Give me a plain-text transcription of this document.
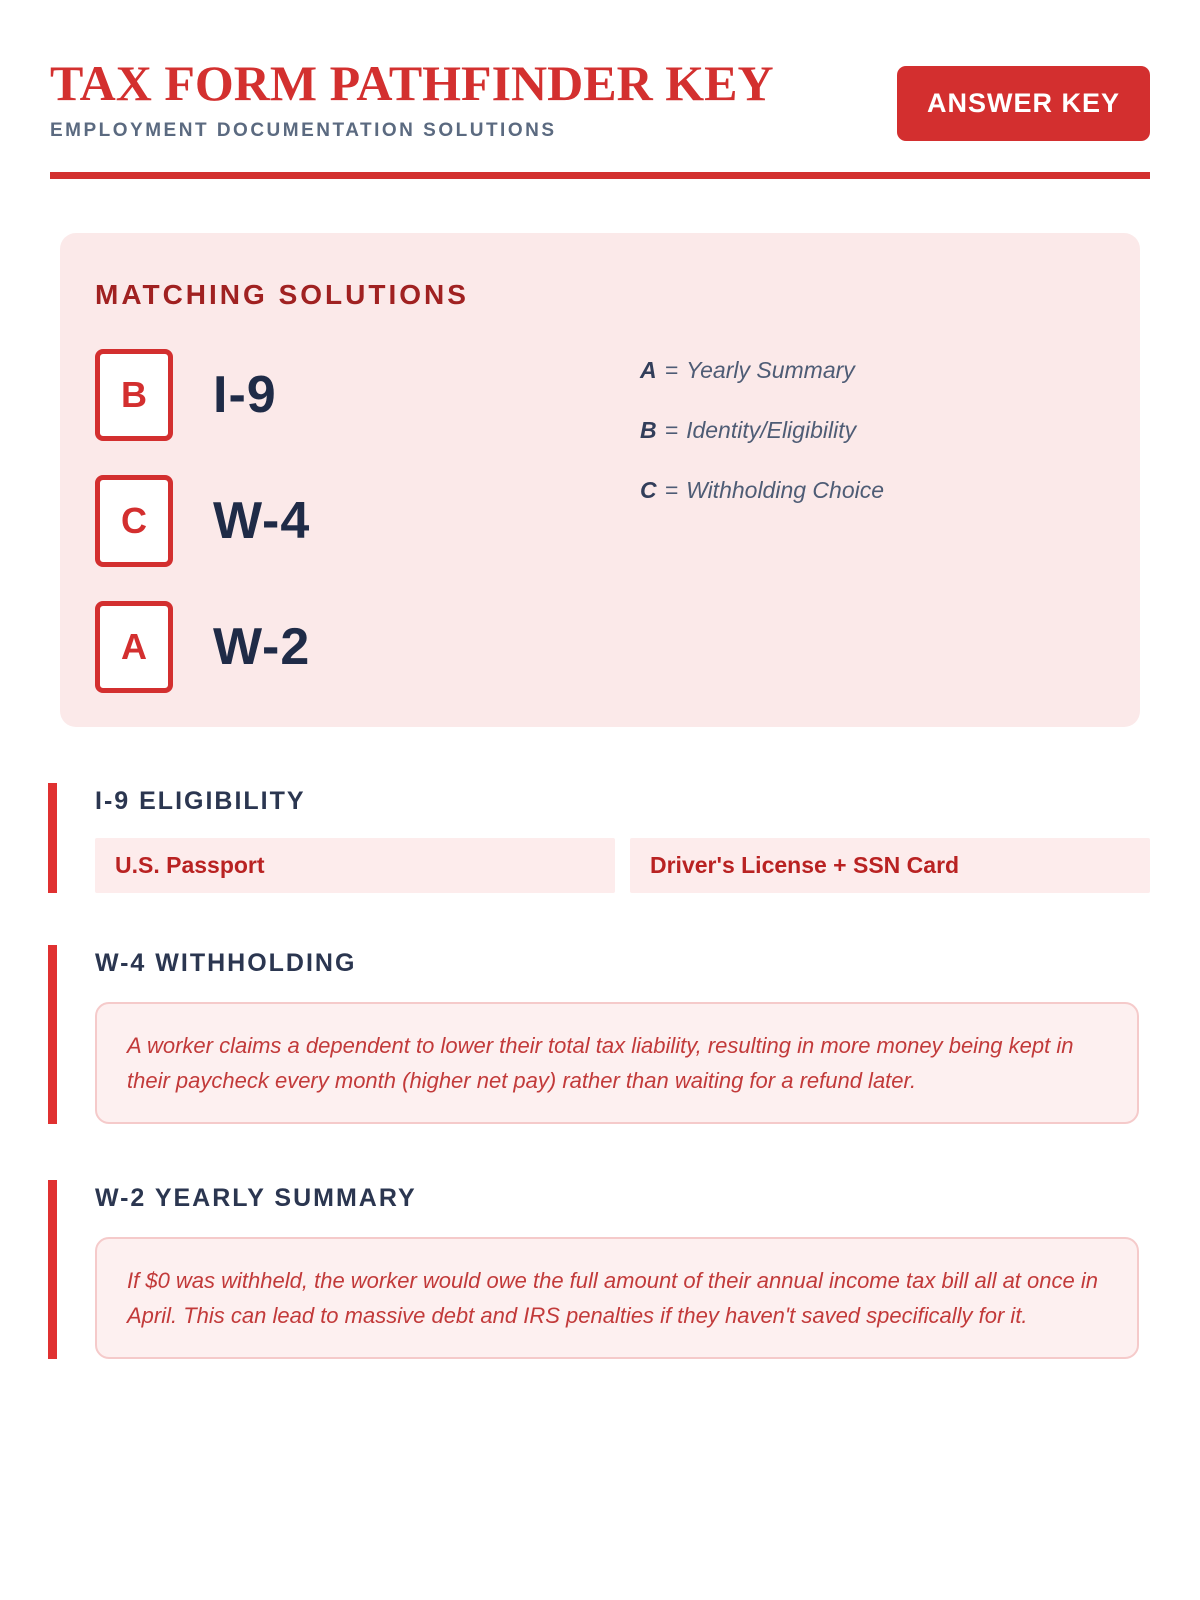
TAX FORM PATHFINDER KEY
EMPLOYMENT DOCUMENTATION SOLUTIONS
ANSWER KEY
MATCHING SOLUTIONS
B	I-9
C	W-4
A	W-2
A = Yearly Summary
B = Identity/Eligibility
C = Withholding Choice
I-9 ELIGIBILITY
U.S. Passport	Driver's License + SSN Card
W-4 WITHHOLDING
A worker claims a dependent to lower their total tax liability, resulting in more money being kept in their paycheck every month (higher net pay) rather than waiting for a refund later.
W-2 YEARLY SUMMARY
If $0 was withheld, the worker would owe the full amount of their annual income tax bill all at once in April. This can lead to massive debt and IRS penalties if they haven't saved specifically for it.
